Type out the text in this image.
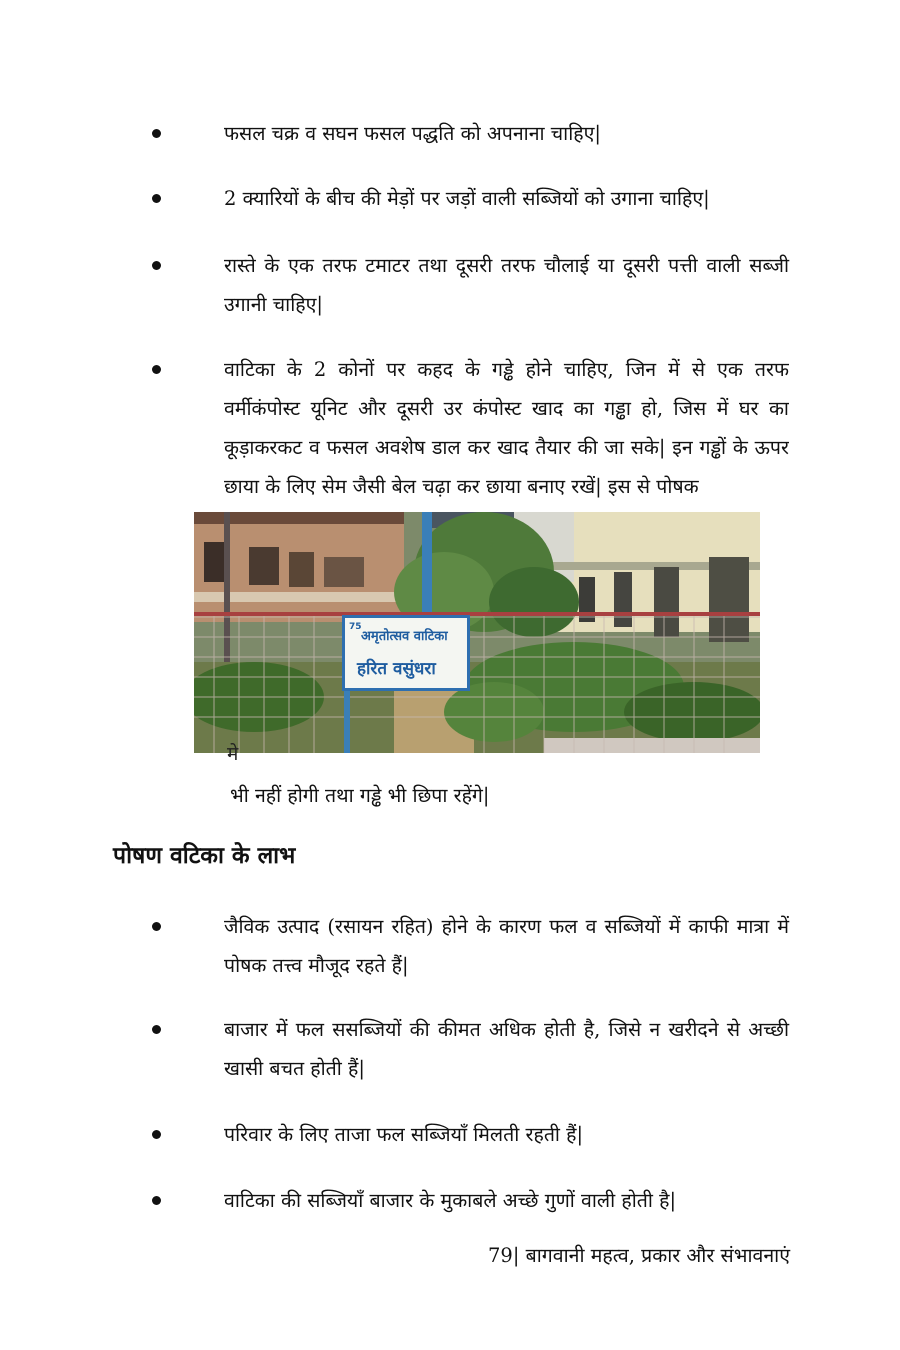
फसल चक्र व सघन फसल पद्धति को अपनाना चाहिए|
2 क्यारियों के बीच की मेड़ों पर जड़ों वाली सब्जियों को उगाना चाहिए|
रास्ते के एक तरफ टमाटर तथा दूसरी तरफ चौलाई या दूसरी पत्ती वाली सब्जी उगानी चाहिए|
वाटिका के 2 कोनों पर कहद के गड्ढे होने चाहिए, जिन में से एक तरफ वर्मीकंपोस्ट यूनिट और दूसरी उर कंपोस्ट खाद का गड्ढा हो, जिस में घर का कूड़ाकरकट व फसल अवशेष डाल कर खाद तैयार की जा सके| इन गड्ढों के ऊपर छाया के लिए सेम जैसी बेल चढ़ा कर छाया बनाए रखें| इस से पोषक
75
अमृतोत्सव वाटिका
हरित वसुंधरा
मे
भी नहीं होगी तथा गड्ढे भी छिपा रहेंगे|
पोषण वटिका के लाभ
जैविक उत्पाद (रसायन रहित) होने के कारण फल व सब्जियों में काफी मात्रा में पोषक तत्त्व मौजूद रहते हैं|
बाजार में फल ससब्जियों की कीमत अधिक होती है, जिसे न खरीदने से अच्छी खासी बचत होती हैं|
परिवार के लिए ताजा फल सब्जियाँ मिलती रहती हैं|
वाटिका की सब्जियाँ बाजार के मुकाबले अच्छे गुणों वाली होती है|
79| बागवानी महत्व, प्रकार और संभावनाएं
